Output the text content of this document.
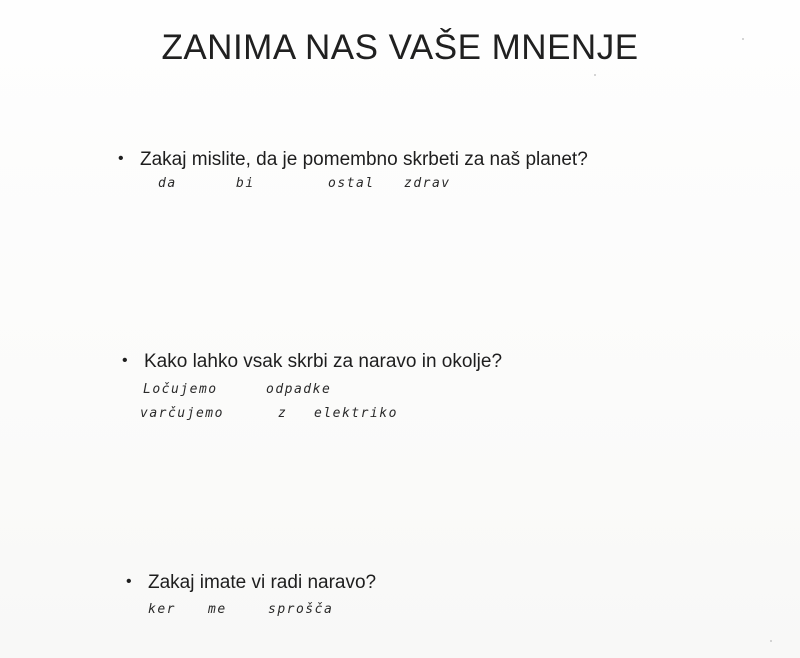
ZANIMA NAS VAŠE MNENJE
• Zakaj mislite, da je pomembno skrbeti za naš planet?
da	bi	ostal zdrav
• Kako lahko vsak skrbi za naravo in okolje?
Ločujemo	odpadke
varčujemo	z elektriko
• Zakaj imate vi radi naravo?
ker me	sprošča
